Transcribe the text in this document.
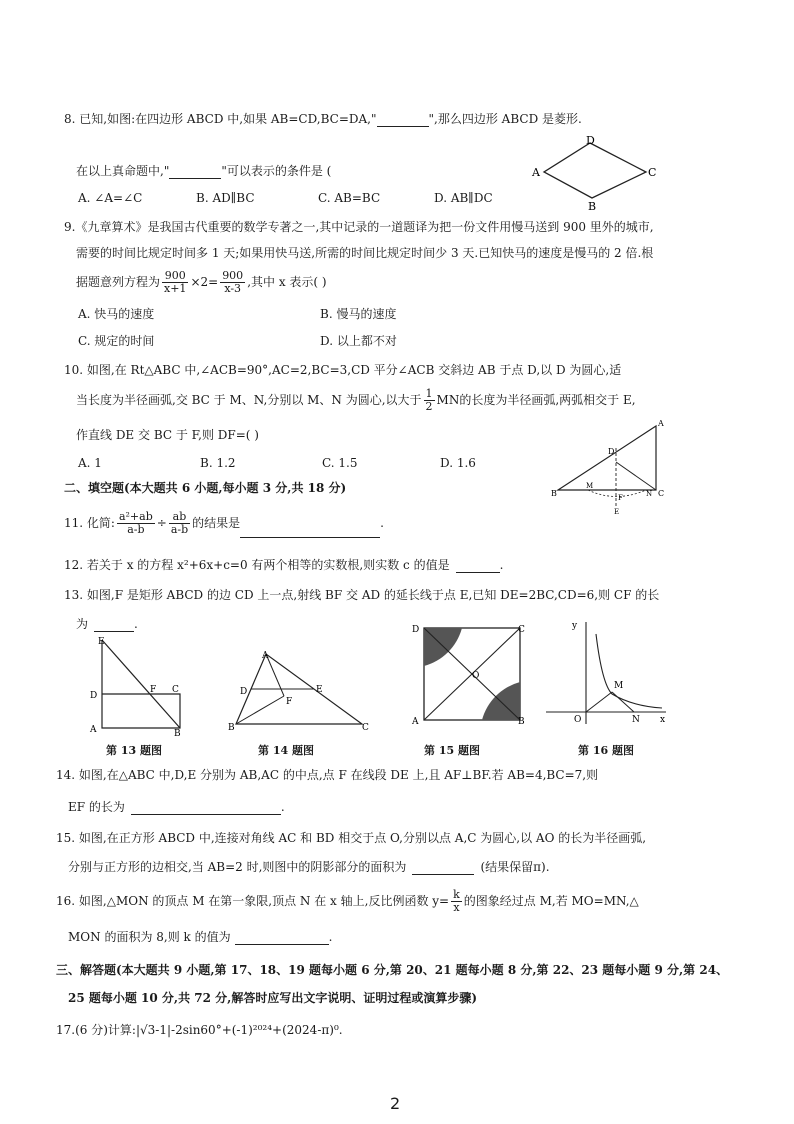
8. 已知,如图:在四边形 ABCD 中,如果 AB=CD,BC=DA,"	",那么四边形 ABCD 是菱形.
在以上真命题中,"	"可以表示的条件是 (
A. ∠A=∠C	B. AD∥BC	C. AB=BC	D. AB∥DC
D
A	C
B
9.《九章算术》是我国古代重要的数学专著之一,其中记录的一道题译为把一份文件用慢马送到 900 里外的城市,
需要的时间比规定时间多 1 天;如果用快马送,所需的时间比规定时间少 3 天.已知快马的速度是慢马的 2 倍.根
据题意列方程为 $\frac{900}{x+1} \times 2= \frac{900}{x-3}$ ,其中 x 表示( )
A. 快马的速度	B. 慢马的速度
C. 规定的时间	D. 以上都不对
10. 如图,在 Rt△ABC 中,∠ACB=90°,AC=2,BC=3,CD 平分∠ACB 交斜边 AB 于点 D,以 D 为圆心,适
当长度为半径画弧,交 BC 于 M、N,分别以 M、N 为圆心,以大于 $\frac{1}{2}$ MN的长度为半径画弧,两弧相交于 E,
作直线 DE 交 BC 于 F,则 DF=( )
A. 1	B. 1.2	C. 1.5	D. 1.6
A
D
B	C
M
N
F
E
二、填空题(本大题共 6 小题,每小题 3 分,共 18 分)
11. 化简: $\frac{\text{a²+ab}}{a-b} \div \frac{ab}{a-b}$ 的结果是	.
12. 若关于 x 的方程 x²+6x+c=0 有两个相等的实数根,则实数 c 的值是	.
13. 如图,F 是矩形 ABCD 的边 CD 上一点,射线 BF 交 AD 的延长线于点 E,已知 DE=2BC,CD=6,则 CF 的长
为	.
E
D
F C
A	B
A
D	E
F
B	C
D	C
O
A	B
y
M
O	N x
第 13 题图	第 14 题图	第 15 题图	第 16 题图
14. 如图,在△ABC 中,D,E 分别为 AB,AC 的中点,点 F 在线段 DE 上,且 AF⊥BF.若 AB=4,BC=7,则
EF 的长为	.
15. 如图,在正方形 ABCD 中,连接对角线 AC 和 BD 相交于点 O,分别以点 A,C 为圆心,以 AO 的长为半径画弧,
分别与正方形的边相交,当 AB=2 时,则图中的阴影部分的面积为	(结果保留π).
16. 如图,△MON 的顶点 M 在第一象限,顶点 N 在 x 轴上,反比例函数 $y= \frac{k}{x}$ 的图象经过点 M,若 MO=MN,△
MON 的面积为 8,则 k 的值为	.
三、解答题(本大题共 9 小题,第 17、18、19 题每小题 6 分,第 20、21 题每小题 8 分,第 22、23 题每小题 9 分,第 24、
25 题每小题 10 分,共 72 分,解答时应写出文字说明、证明过程或演算步骤)
17.(6 分)计算:|√3-1|-2sin60°+(-1)²⁰²⁴+(2024-π)⁰.
2
